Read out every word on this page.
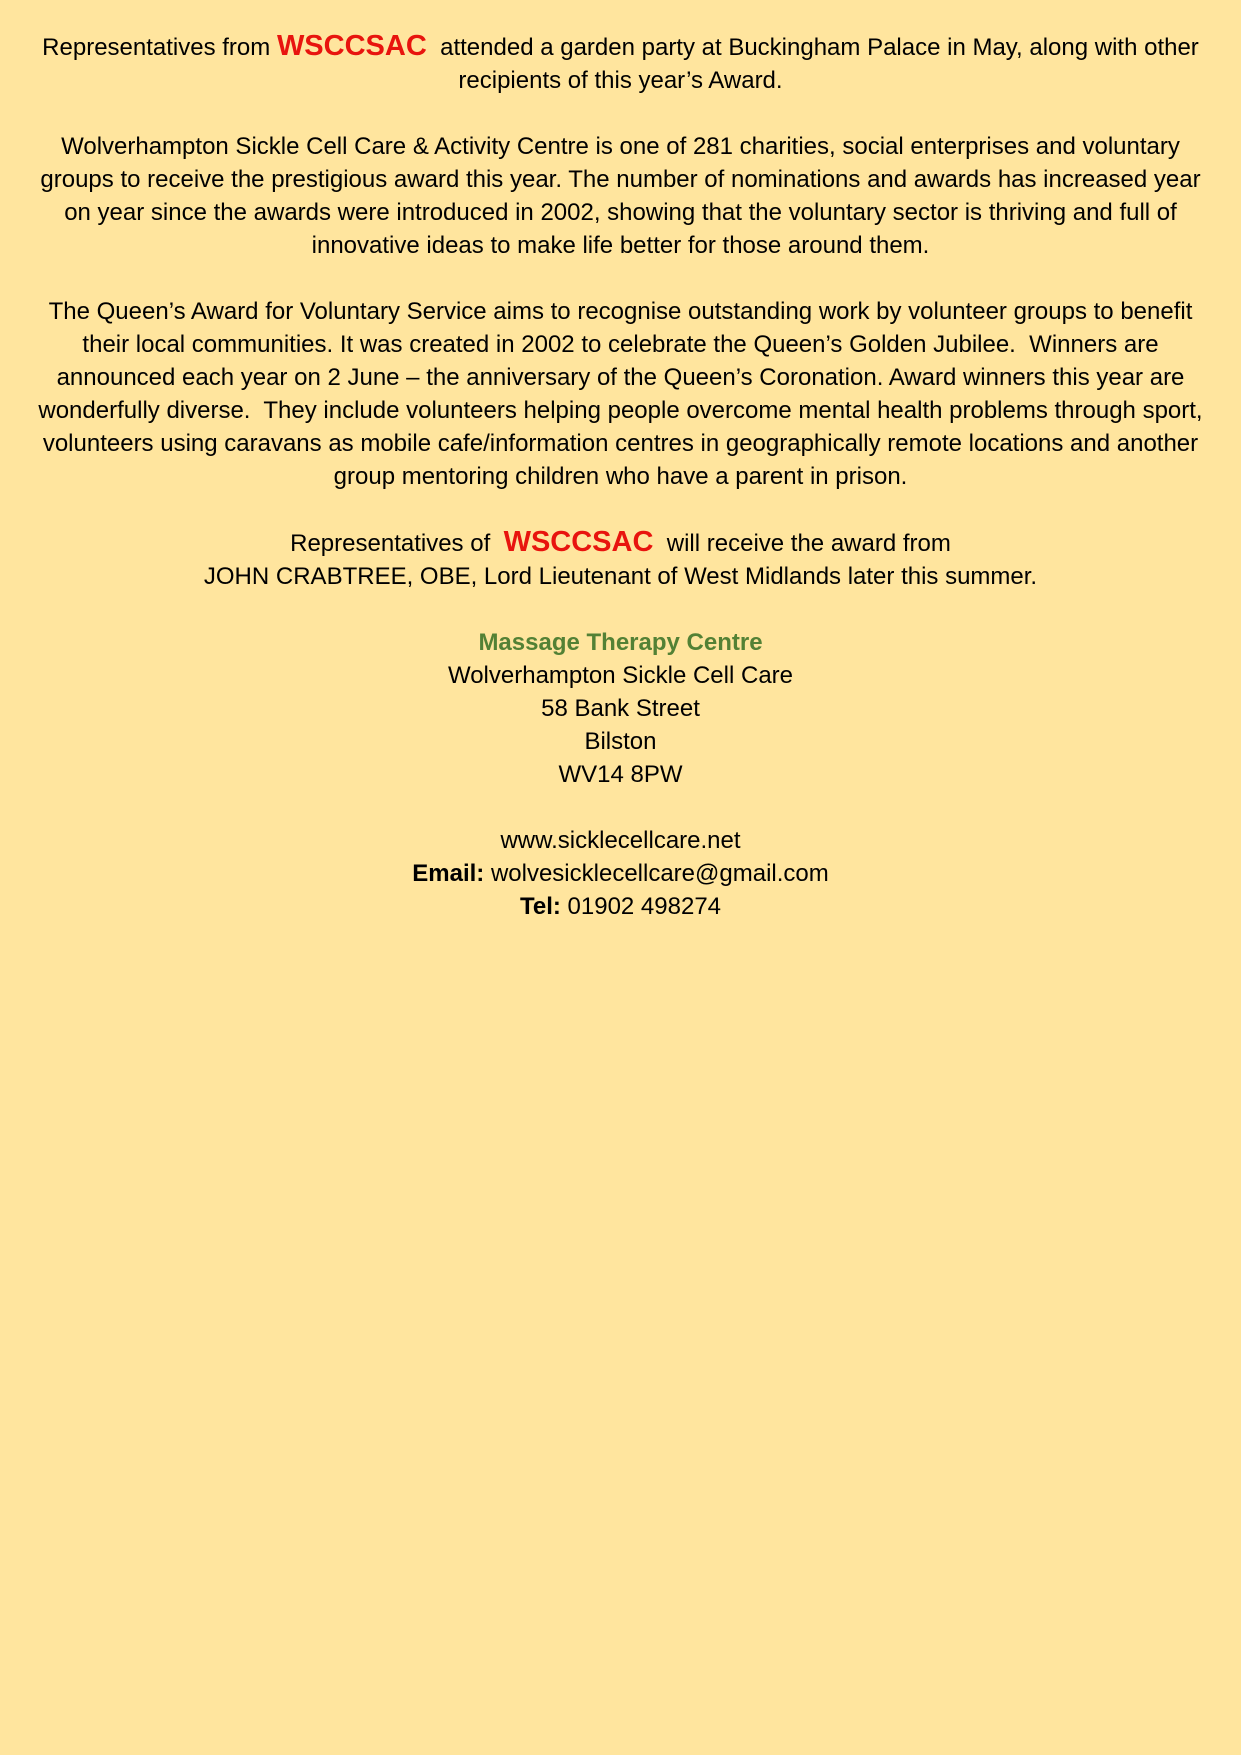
Representatives from WSCCSAC  attended a garden party at Buckingham Palace in May, along with other recipients of this year’s Award.

Wolverhampton Sickle Cell Care & Activity Centre is one of 281 charities, social enterprises and voluntary groups to receive the prestigious award this year. The number of nominations and awards has increased year on year since the awards were introduced in 2002, showing that the voluntary sector is thriving and full of innovative ideas to make life better for those around them.

The Queen’s Award for Voluntary Service aims to recognise outstanding work by volunteer groups to benefit their local communities. It was created in 2002 to celebrate the Queen’s Golden Jubilee.  Winners are announced each year on 2 June – the anniversary of the Queen’s Coronation. Award winners this year are wonderfully diverse.  They include volunteers helping people overcome mental health problems through sport, volunteers using caravans as mobile cafe/information centres in geographically remote locations and another group mentoring children who have a parent in prison.

Representatives of  WSCCSAC  will receive the award from
JOHN CRABTREE, OBE, Lord Lieutenant of West Midlands later this summer.

Massage Therapy Centre
Wolverhampton Sickle Cell Care
58 Bank Street
Bilston
WV14 8PW
www.sicklecellcare.net
Email: wolvesicklecellcare@gmail.com
Tel: 01902 498274
